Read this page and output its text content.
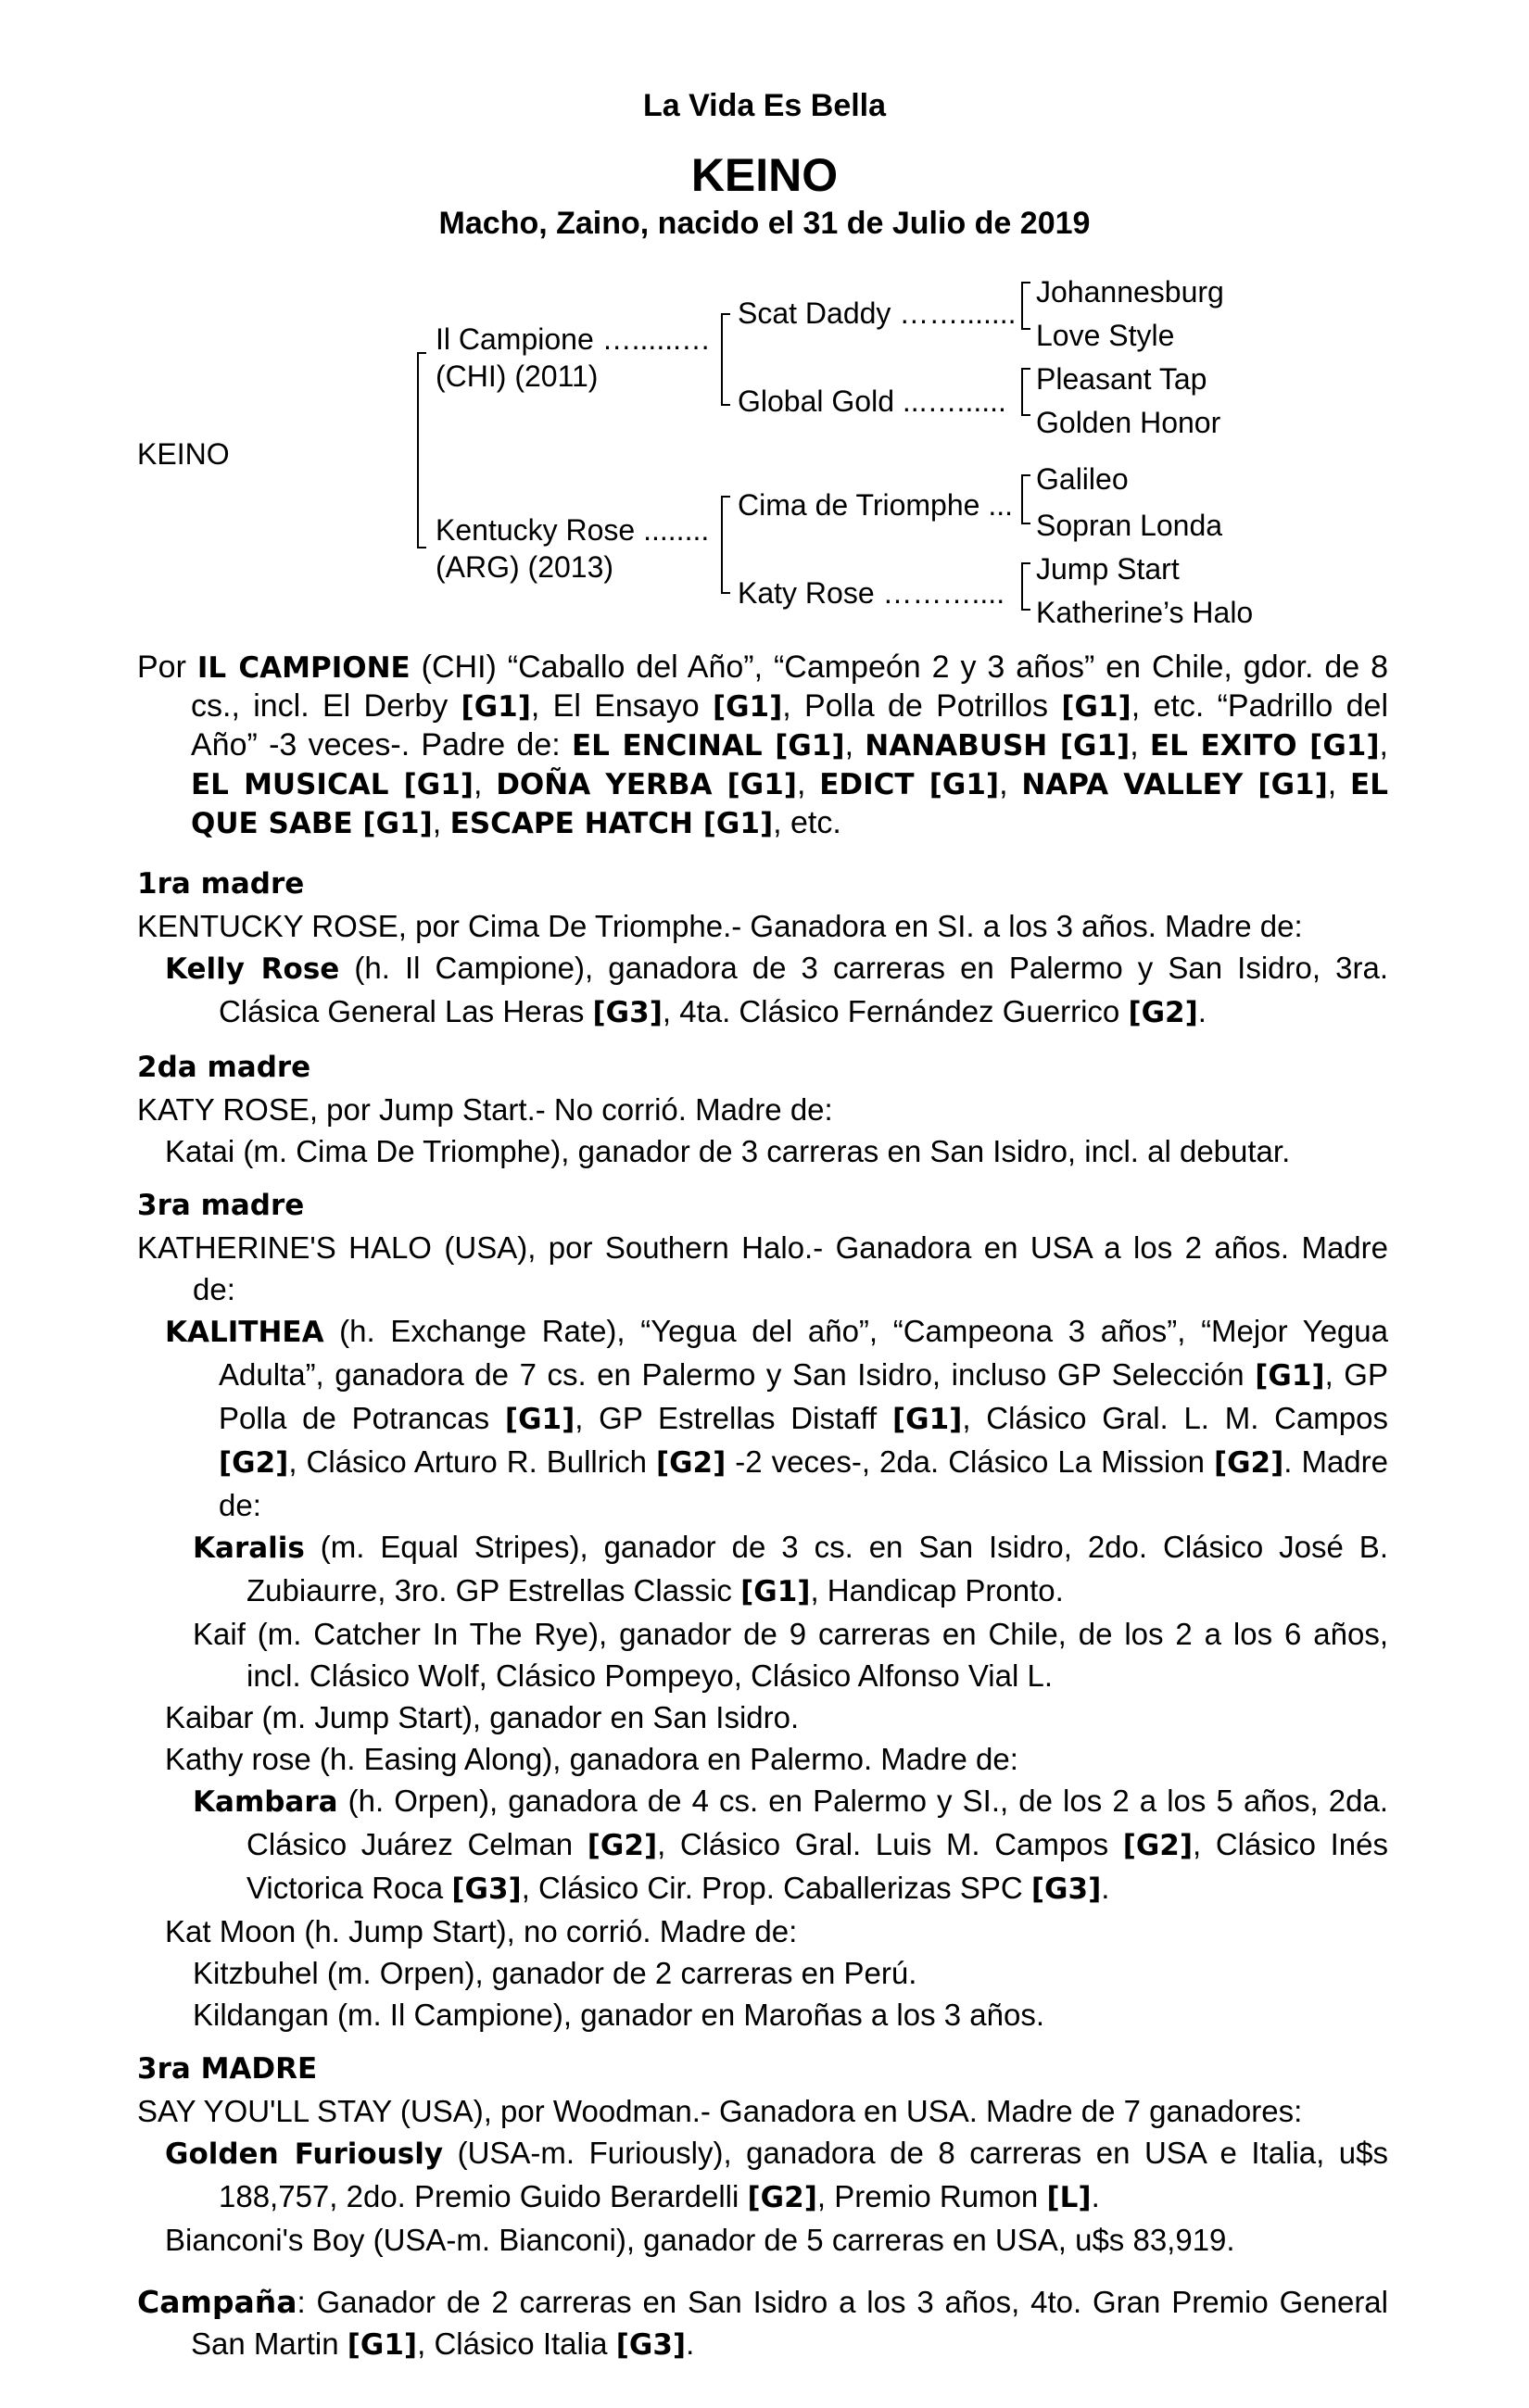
La Vida Es Bella
KEINO
Macho, Zaino, nacido el 31 de Julio de 2019
KEINO
Il Campione …......…
(CHI) (2011)
Kentucky Rose ........
(ARG) (2013)
Scat Daddy …….......
Global Gold ...…......
Cima de Triomphe ...
Katy Rose ………....
Johannesburg
Love Style
Pleasant Tap
Golden Honor
Galileo
Sopran Londa
Jump Start
Katherine’s Halo
Por IL CAMPIONE (CHI) “Caballo del Año”, “Campeón 2 y 3 años” en Chile, gdor. de 8 cs., incl. El Derby [G1], El Ensayo [G1], Polla de Potrillos [G1], etc. “Padrillo del Año” -3 veces-. Padre de: EL ENCINAL [G1], NANABUSH [G1], EL EXITO [G1], EL MUSICAL [G1], DOÑA YERBA [G1], EDICT [G1], NAPA VALLEY [G1], EL QUE SABE [G1], ESCAPE HATCH [G1], etc.
1ra madre
KENTUCKY ROSE, por Cima De Triomphe.- Ganadora en SI. a los 3 años. Madre de:
Kelly Rose (h. Il Campione), ganadora de 3 carreras en Palermo y San Isidro, 3ra. Clásica General Las Heras [G3], 4ta. Clásico Fernández Guerrico [G2].
2da madre
KATY ROSE, por Jump Start.- No corrió. Madre de:
Katai (m. Cima De Triomphe), ganador de 3 carreras en San Isidro, incl. al debutar.
3ra madre
KATHERINE'S HALO (USA), por Southern Halo.- Ganadora en USA a los 2 años. Madre de:
KALITHEA (h. Exchange Rate), “Yegua del año”, “Campeona 3 años”, “Mejor Yegua Adulta”, ganadora de 7 cs. en Palermo y San Isidro, incluso GP Selección [G1], GP Polla de Potrancas [G1], GP Estrellas Distaff [G1], Clásico Gral. L. M. Campos [G2], Clásico Arturo R. Bullrich [G2] -2 veces-, 2da. Clásico La Mission [G2]. Madre de:
Karalis (m. Equal Stripes), ganador de 3 cs. en San Isidro, 2do. Clásico José B. Zubiaurre, 3ro. GP Estrellas Classic [G1], Handicap Pronto.
Kaif (m. Catcher In The Rye), ganador de 9 carreras en Chile, de los 2 a los 6 años, incl. Clásico Wolf, Clásico Pompeyo, Clásico Alfonso Vial L.
Kaibar (m. Jump Start), ganador en San Isidro.
Kathy rose (h. Easing Along), ganadora en Palermo. Madre de:
Kambara (h. Orpen), ganadora de 4 cs. en Palermo y SI., de los 2 a los 5 años, 2da. Clásico Juárez Celman [G2], Clásico Gral. Luis M. Campos [G2], Clásico Inés Victorica Roca [G3], Clásico Cir. Prop. Caballerizas SPC [G3].
Kat Moon (h. Jump Start), no corrió. Madre de:
Kitzbuhel (m. Orpen), ganador de 2 carreras en Perú.
Kildangan (m. Il Campione), ganador en Maroñas a los 3 años.
3ra MADRE
SAY YOU'LL STAY (USA), por Woodman.- Ganadora en USA. Madre de 7 ganadores:
Golden Furiously (USA-m. Furiously), ganadora de 8 carreras en USA e Italia, u$s 188,757, 2do. Premio Guido Berardelli [G2], Premio Rumon [L].
Bianconi's Boy (USA-m. Bianconi), ganador de 5 carreras en USA, u$s 83,919.
Campaña: Ganador de 2 carreras en San Isidro a los 3 años, 4to. Gran Premio General San Martin [G1], Clásico Italia [G3].
